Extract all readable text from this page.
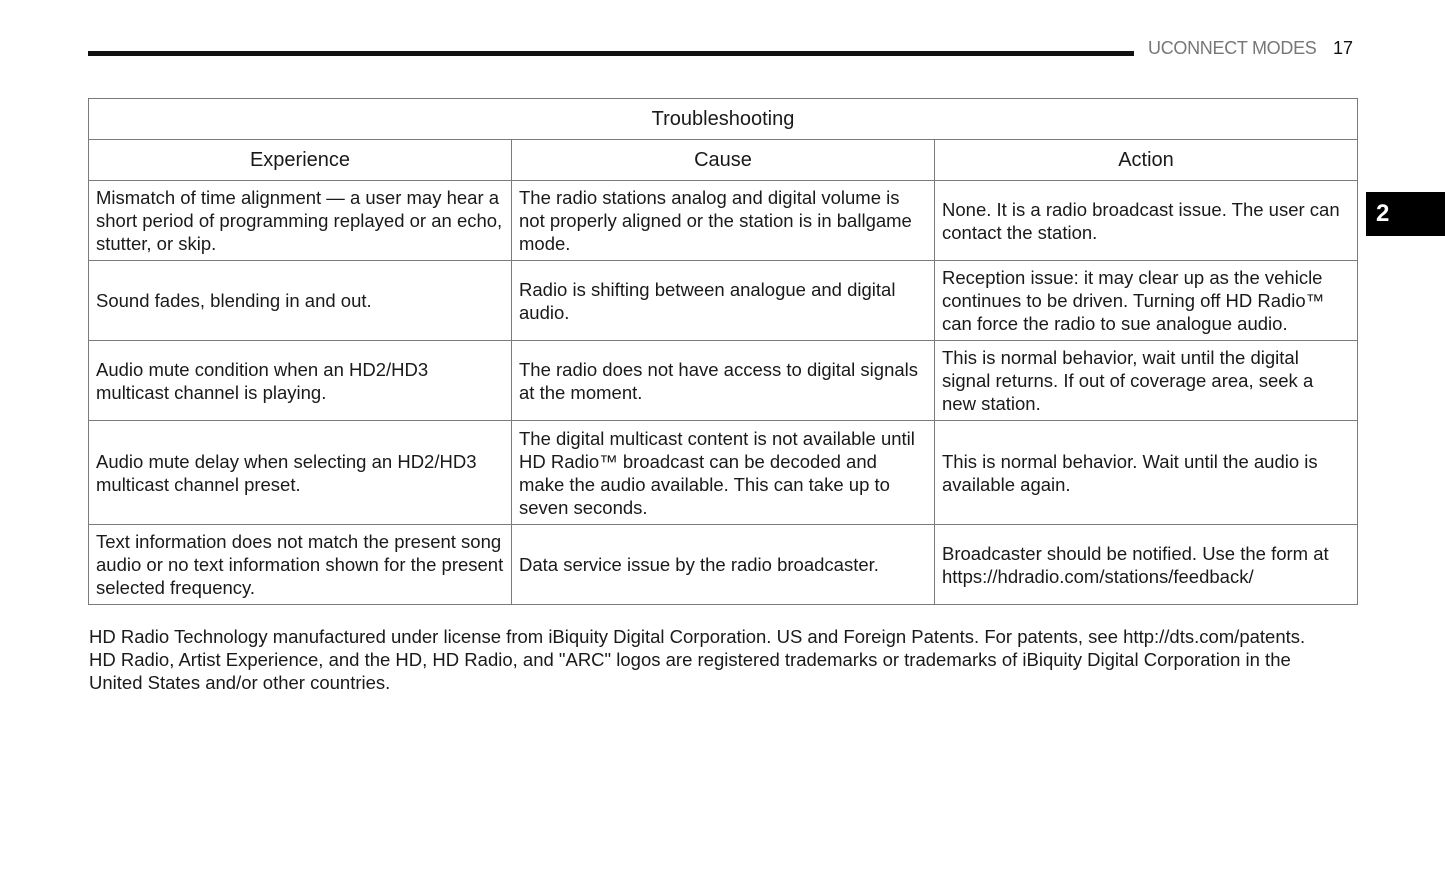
UCONNECT MODES 17
2
Troubleshooting		
Experience	Cause	Action
Mismatch of time alignment — a user may hear a short period of programming replayed or an echo, stutter, or skip.	The radio stations analog and digital volume is not properly aligned or the station is in ballgame mode.	None. It is a radio broadcast issue. The user can contact the station.
Sound fades, blending in and out.	Radio is shifting between analogue and digital audio.	Reception issue: it may clear up as the vehicle continues to be driven. Turning off HD Radio™ can force the radio to sue analogue audio.
Audio mute condition when an HD2/HD3 multicast channel is playing.	The radio does not have access to digital signals at the moment.	This is normal behavior, wait until the digital signal returns. If out of coverage area, seek a new station.
Audio mute delay when selecting an HD2/HD3 multicast channel preset.	The digital multicast content is not available until HD Radio™ broadcast can be decoded and make the audio available. This can take up to seven seconds.	This is normal behavior. Wait until the audio is available again.
Text information does not match the present song audio or no text information shown for the present selected frequency.	Data service issue by the radio broadcaster.	Broadcaster should be notified. Use the form at https://hdradio.com/stations/feedback/

HD Radio Technology manufactured under license from iBiquity Digital Corporation. US and Foreign Patents. For patents, see http://dts.com/patents.

HD Radio, Artist Experience, and the HD, HD Radio, and "ARC" logos are registered trademarks or trademarks of iBiquity Digital Corporation in the

United States and/or other countries.
